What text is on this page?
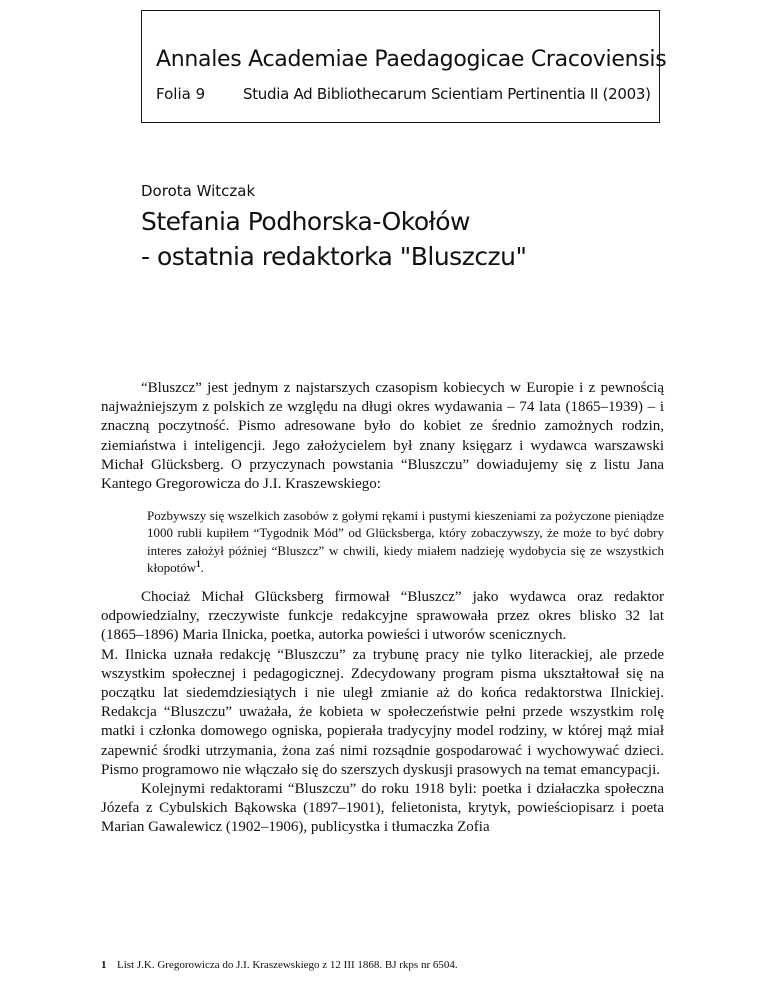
Annales Academiae Paedagogicae Cracoviensis
Folia 9	Studia Ad Bibliothecarum Scientiam Pertinentia II (2003)
Dorota Witczak
Stefania Podhorska-Okołów
- ostatnia redaktorka "Bluszczu"

“Bluszcz” jest jednym z najstarszych czasopism kobiecych w Europie i z pewnością najważniejszym z polskich ze względu na długi okres wydawania – 74 lata (1865–1939) – i znaczną poczytność. Pismo adresowane było do kobiet ze średnio zamożnych rodzin, ziemiaństwa i inteligencji. Jego założycielem był znany księgarz i wydawca warszawski Michał Glücksberg. O przyczynach powstania “Bluszczu” dowiadujemy się z listu Jana Kantego Gregorowicza do J.I. Kraszewskiego:

Pozbywszy się wszelkich zasobów z gołymi rękami i pustymi kieszeniami za pożyczone pieniądze 1000 rubli kupiłem “Tygodnik Mód” od Glücksberga, który zobaczywszy, że może to być dobry interes założył później “Bluszcz” w chwili, kiedy miałem nadzieję wydobycia się ze wszystkich kłopotów$^1$.

Chociaż Michał Glücksberg firmował “Bluszcz” jako wydawca oraz redaktor odpowiedzialny, rzeczywiste funkcje redakcyjne sprawowała przez okres blisko 32 lat (1865–1896) Maria Ilnicka, poetka, autorka powieści i utworów scenicznych.

M. Ilnicka uznała redakcję “Bluszczu” za trybunę pracy nie tylko literackiej, ale przede wszystkim społecznej i pedagogicznej. Zdecydowany program pisma ukształtował się na początku lat siedemdziesiątych i nie uległ zmianie aż do końca redaktorstwa Ilnickiej. Redakcja “Bluszczu” uważała, że kobieta w społeczeństwie pełni przede wszystkim rolę matki i członka domowego ogniska, popierała tradycyjny model rodziny, w której mąż miał zapewnić środki utrzymania, żona zaś nimi rozsądnie gospodarować i wychowywać dzieci. Pismo programowo nie włączało się do szerszych dyskusji prasowych na temat emancypacji.

Kolejnymi redaktorami “Bluszczu” do roku 1918 byli: poetka i działaczka społeczna Józefa z Cybulskich Bąkowska (1897–1901), felietonista, krytyk, powieściopisarz i poeta Marian Gawalewicz (1902–1906), publicystka i tłumaczka Zofia

1 List J.K. Gregorowicza do J.I. Kraszewskiego z 12 III 1868. BJ rkps nr 6504.
